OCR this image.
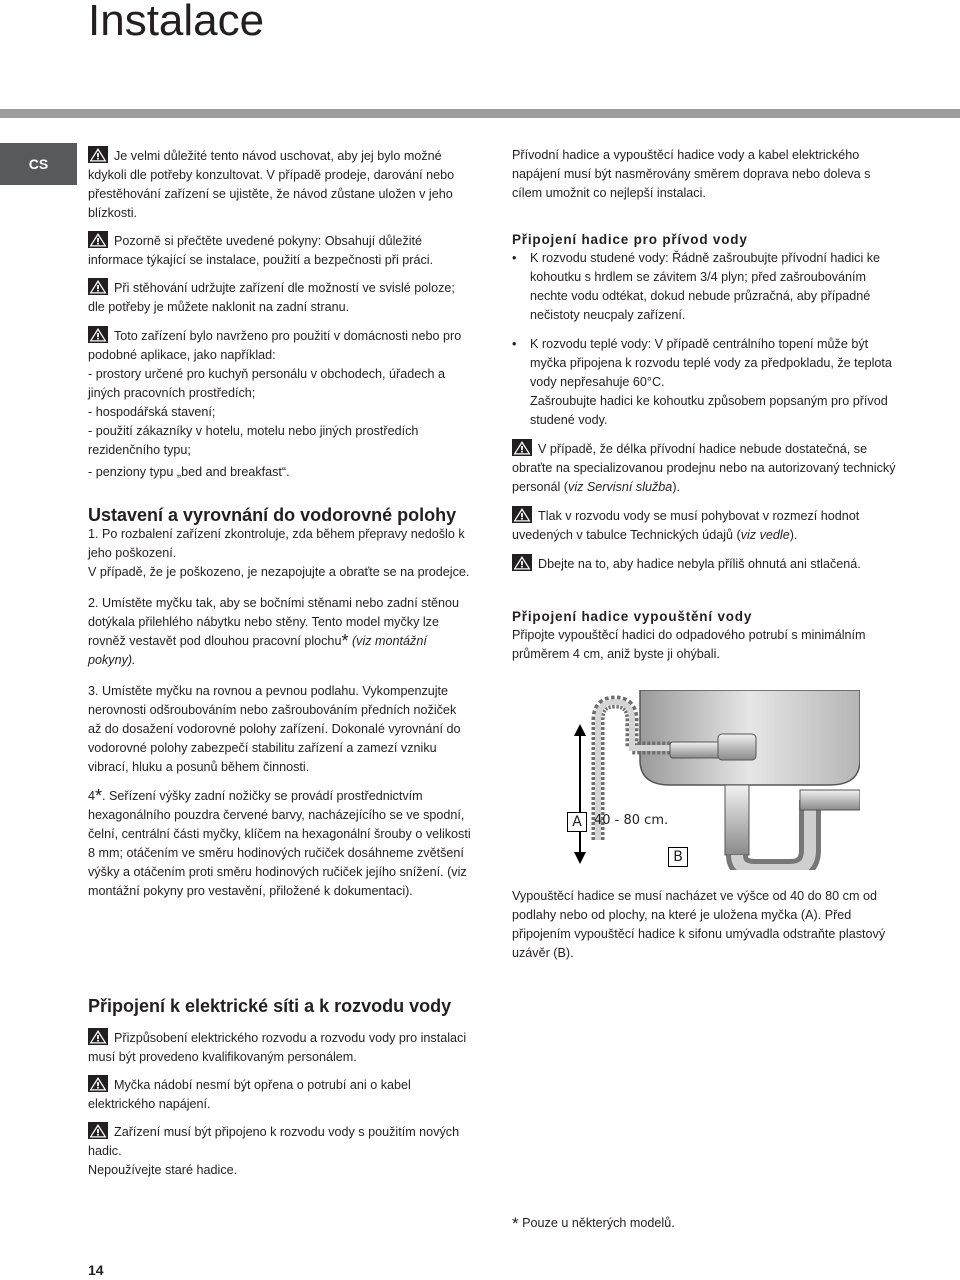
Instalace
CS	Je velmi důležité tento návod uschovat, aby jej bylo možné kdykoli dle potřeby konzultovat. V případě prodeje, darování nebo přestěhování zařízení se ujistěte, že návod zůstane uložen v jeho blízkosti.

Pozorně si přečtěte uvedené pokyny: Obsahují důležité informace týkající se instalace, použití a bezpečnosti při práci.

Při stěhování udržujte zařízení dle možností ve svislé poloze; dle potřeby je můžete naklonit na zadní stranu.

Toto zařízení bylo navrženo pro použití v domácnosti nebo pro podobné aplikace, jako například:

- prostory určené pro kuchyň personálu v obchodech, úřadech a jiných pracovních prostředích;

- hospodářská stavení;

- použití zákazníky v hotelu, motelu nebo jiných prostředích rezidenčního typu;

- penziony typu „bed and breakfast“.

Ustavení a vyrovnání do vodorovné polohy

1. Po rozbalení zařízení zkontroluje, zda během přepravy nedošlo k jeho poškození.

V případě, že je poškozeno, je nezapojujte a obraťte se na prodejce.

2. Umístěte myčku tak, aby se bočními stěnami nebo zadní stěnou dotýkala přilehlého nábytku nebo stěny. Tento model myčky lze rovněž vestavět pod dlouhou pracovní plochu* (viz montážní pokyny).

3. Umístěte myčku na rovnou a pevnou podlahu. Vykompenzujte nerovnosti odšroubováním nebo zašroubováním předních nožiček až do dosažení vodorovné polohy zařízení. Dokonalé vyrovnání do vodorovné polohy zabezpečí stabilitu zařízení a zamezí vzniku vibrací, hluku a posunů během činnosti.

4*. Seřízení výšky zadní nožičky se provádí prostřednictvím hexagonálního pouzdra červené barvy, nacházejícího se ve spodní, čelní, centrální části myčky, klíčem na hexagonální šrouby o velikosti 8 mm; otáčením ve směru hodinových ručiček dosáhneme zvětšení výšky a otáčením proti směru hodinových ručiček jejího snížení. (viz montážní pokyny pro vestavění, přiložené k dokumentaci).

Připojení k elektrické síti a k rozvodu vody

Přizpůsobení elektrického rozvodu a rozvodu vody pro instalaci musí být provedeno kvalifikovaným personálem.

Myčka nádobí nesmí být opřena o potrubí ani o kabel elektrického napájení.

Zařízení musí být připojeno k rozvodu vody s použitím nových hadic.

Nepoužívejte staré hadice.

Přívodní hadice a vypouštěcí hadice vody a kabel elektrického napájení musí být nasměrovány směrem doprava nebo doleva s cílem umožnit co nejlepší instalaci.

Připojení hadice pro přívod vody

• K rozvodu studené vody: Řádně zašroubujte přívodní hadici ke kohoutku s hrdlem se závitem 3/4 plyn; před zašroubováním nechte vodu odtékat, dokud nebude průzračná, aby případné nečistoty neucpaly zařízení.

• K rozvodu teplé vody: V případě centrálního topení může být myčka připojena k rozvodu teplé vody za předpokladu, že teplota vody nepřesahuje 60°C.

Zašroubujte hadici ke kohoutku způsobem popsaným pro přívod studené vody.

V případě, že délka přívodní hadice nebude dostatečná, se obraťte na specializovanou prodejnu nebo na autorizovaný technický personál (viz Servisní služba).

Tlak v rozvodu vody se musí pohybovat v rozmezí hodnot uvedených v tabulce Technických údajů (viz vedle).

Dbejte na to, aby hadice nebyla příliš ohnutá ani stlačená.

Připojení hadice vypouštění vody

Připojte vypouštěcí hadici do odpadového potrubí s minimálním průměrem 4 cm, aniž byste ji ohýbali.

A 40 - 80 cm.
B

Vypouštěcí hadice se musí nacházet ve výšce od 40 do 80 cm od podlahy nebo od plochy, na které je uložena myčka (A). Před připojením vypouštěcí hadice k sifonu umývadla odstraňte plastový uzávěr (B).

* Pouze u některých modelů.
14
